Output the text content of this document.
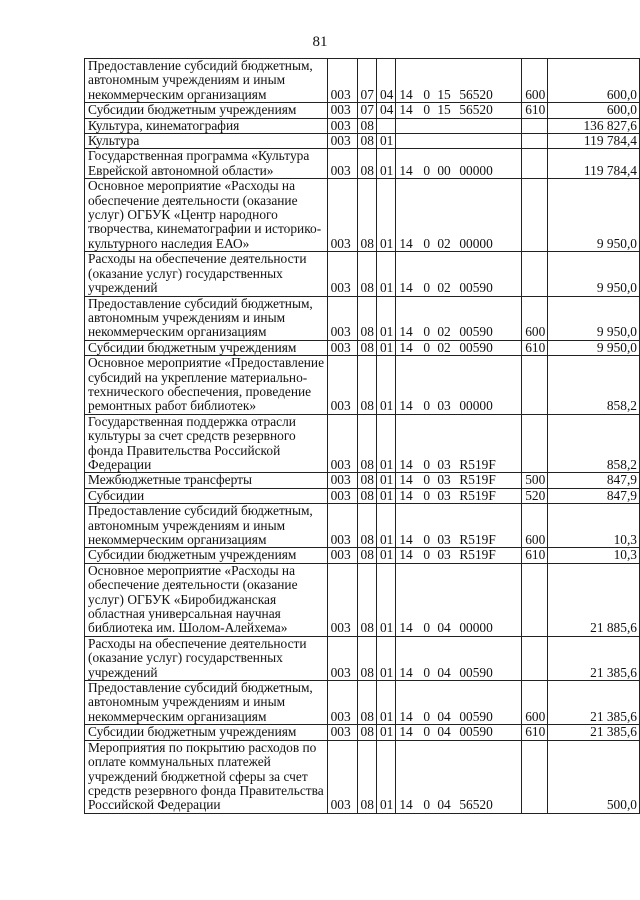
81
Предоставление субсидий бюджетным, автономным учреждениям и иным некоммерческим организациям	003	07	04	14 0 15 56520	600	600,0
Субсидии бюджетным учреждениям	003	07	04	14 0 15 56520	610	600,0
Культура, кинематография	003	08				136 827,6
Культура	003	08	01			119 784,4
Государственная программа «Культура Еврейской автономной области»	003	08	01	14 0 00 00000		119 784,4
Основное мероприятие «Расходы на обеспечение деятельности (оказание услуг) ОГБУК «Центр народного творчества, кинематографии и историко-культурного наследия ЕАО»	003	08	01	14 0 02 00000		9 950,0
Расходы на обеспечение деятельности (оказание услуг) государственных учреждений	003	08	01	14 0 02 00590		9 950,0
Предоставление субсидий бюджетным, автономным учреждениям и иным некоммерческим организациям	003	08	01	14 0 02 00590	600	9 950,0
Субсидии бюджетным учреждениям	003	08	01	14 0 02 00590	610	9 950,0
Основное мероприятие «Предоставление субсидий на укрепление материально-технического обеспечения, проведение ремонтных работ библиотек»	003	08	01	14 0 03 00000		858,2
Государственная поддержка отрасли культуры за счет средств резервного фонда Правительства Российской Федерации	003	08	01	14 0 03 R519F		858,2
Межбюджетные трансферты	003	08	01	14 0 03 R519F	500	847,9
Субсидии	003	08	01	14 0 03 R519F	520	847,9
Предоставление субсидий бюджетным, автономным учреждениям и иным некоммерческим организациям	003	08	01	14 0 03 R519F	600	10,3
Субсидии бюджетным учреждениям	003	08	01	14 0 03 R519F	610	10,3
Основное мероприятие «Расходы на обеспечение деятельности (оказание услуг) ОГБУК «Биробиджанская областная универсальная научная библиотека им. Шолом-Алейхема»	003	08	01	14 0 04 00000		21 885,6
Расходы на обеспечение деятельности (оказание услуг) государственных учреждений	003	08	01	14 0 04 00590		21 385,6
Предоставление субсидий бюджетным, автономным учреждениям и иным некоммерческим организациям	003	08	01	14 0 04 00590	600	21 385,6
Субсидии бюджетным учреждениям	003	08	01	14 0 04 00590	610	21 385,6
Мероприятия по покрытию расходов по оплате коммунальных платежей учреждений бюджетной сферы за счет средств резервного фонда Правительства Российской Федерации	003	08	01	14 0 04 56520		500,0
